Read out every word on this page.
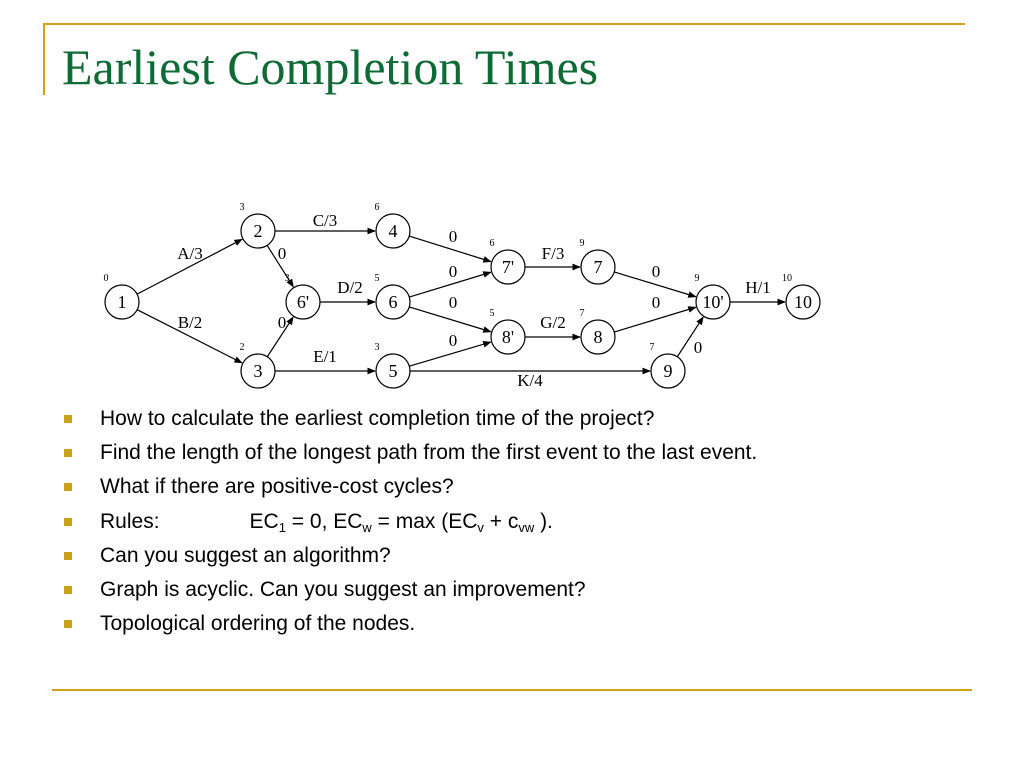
Earliest Completion Times
A/3
B/2
C/3
0
0
E/1
D/2
0
0
0
0
K/4
F/3
G/2
0
0
0
H/1
1
0
2
3
3
2
4
6
6'
3
6
5
5
3
7'
6
8'
5
7
9
8
7
9
7
10'
9
10
10
How to calculate the earliest completion time of the project?
Find the length of the longest path from the first event to the last event.
What if there are positive-cost cycles?
Rules:	$EC_1 = 0$, $EC_w = \max (EC_v + c_{vw}$ ).
Can you suggest an algorithm?
Graph is acyclic. Can you suggest an improvement?
Topological ordering of the nodes.
